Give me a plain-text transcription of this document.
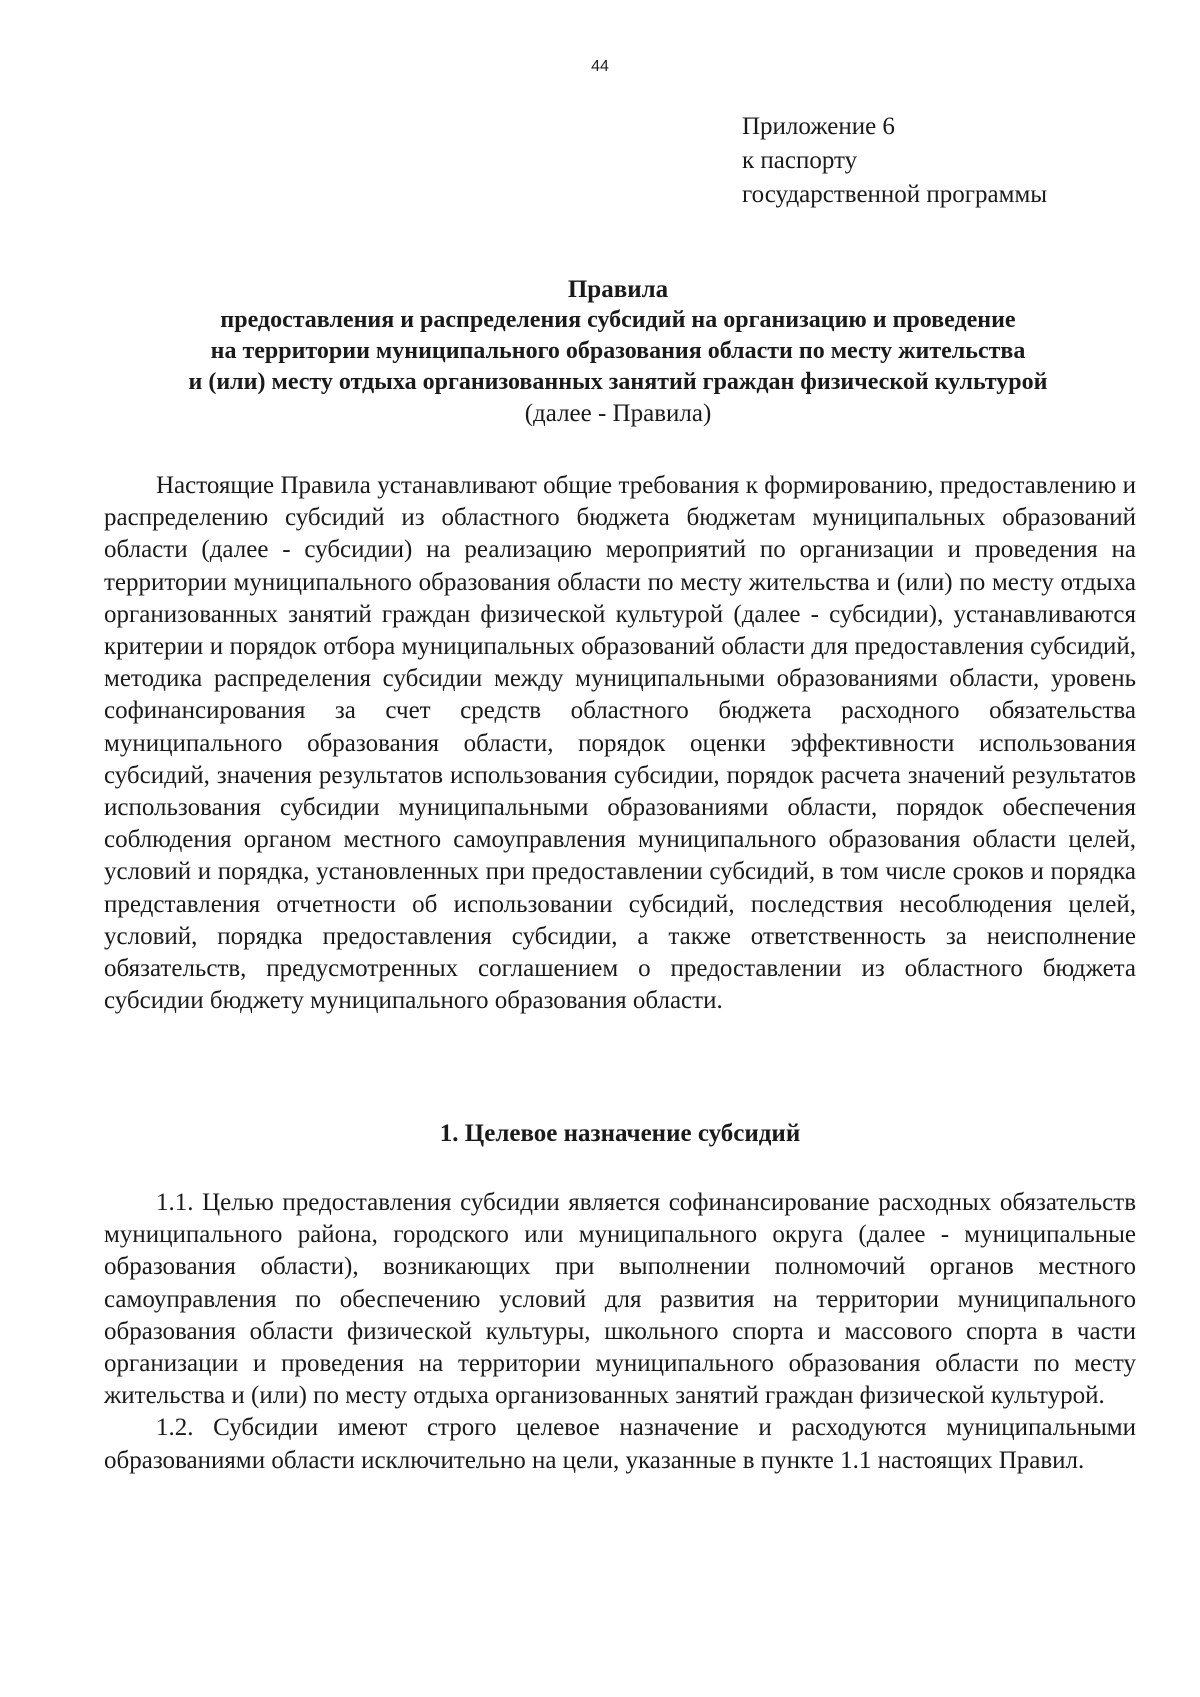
44
Приложение 6
к паспорту
государственной программы
Правила
предоставления и распределения субсидий на организацию и проведение
на территории муниципального образования области по месту жительства
и (или) месту отдыха организованных занятий граждан физической культурой
(далее - Правила)

Настоящие Правила устанавливают общие требования к формированию, предоставлению и распределению субсидий из областного бюджета бюджетам муниципальных образований области (далее - субсидии) на реализацию мероприятий по организации и проведения на территории муниципального образования области по месту жительства и (или) по месту отдыха организованных занятий граждан физической культурой (далее - субсидии), устанавливаются критерии и порядок отбора муниципальных образований области для предоставления субсидий, методика распределения субсидии между муниципальными образованиями области, уровень софинансирования за счет средств областного бюджета расходного обязательства муниципального образования области, порядок оценки эффективности использования субсидий, значения результатов использования субсидии, порядок расчета значений результатов использования субсидии муниципальными образованиями области, порядок обеспечения соблюдения органом местного самоуправления муниципального образования области целей, условий и порядка, установленных при предоставлении субсидий, в том числе сроков и порядка представления отчетности об использовании субсидий, последствия несоблюдения целей, условий, порядка предоставления субсидии, а также ответственность за неисполнение обязательств, предусмотренных соглашением о предоставлении из областного бюджета субсидии бюджету муниципального образования области.

1. Целевое назначение субсидий

1.1. Целью предоставления субсидии является софинансирование расходных обязательств муниципального района, городского или муниципального округа (далее - муниципальные образования области), возникающих при выполнении полномочий органов местного самоуправления по обеспечению условий для развития на территории муниципального образования области физической культуры, школьного спорта и массового спорта в части организации и проведения на территории муниципального образования области по месту жительства и (или) по месту отдыха организованных занятий граждан физической культурой.

1.2. Субсидии имеют строго целевое назначение и расходуются муниципальными образованиями области исключительно на цели, указанные в пункте 1.1 настоящих Правил.
